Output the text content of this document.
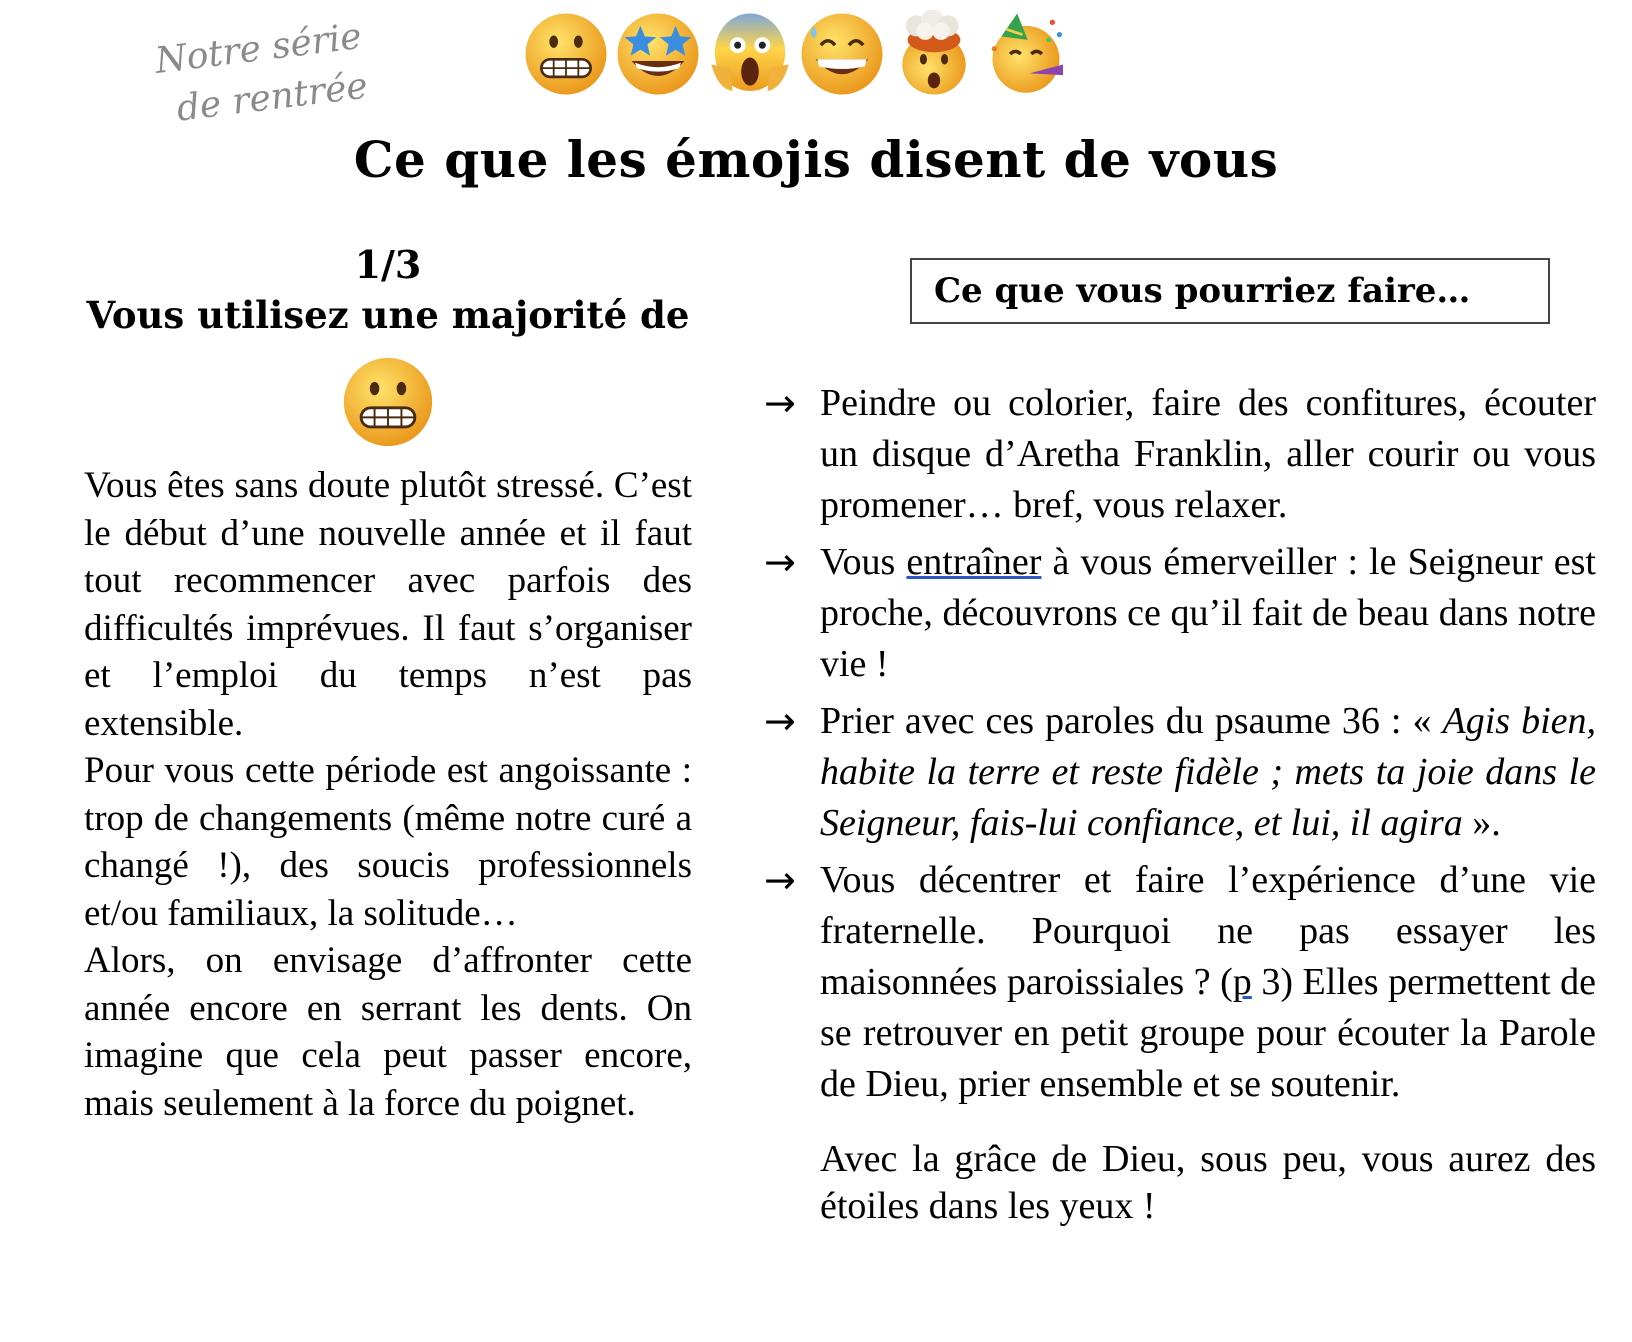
Notre série
de rentrée
Ce que les émojis disent de vous
1/3
Vous utilisez une majorité de

Vous êtes sans doute plutôt stressé. C’est le début d’une nouvelle année et il faut tout recommencer avec parfois des difficultés imprévues. Il faut s’organiser et l’emploi du temps n’est pas extensible.

Pour vous cette période est angoissante : trop de changements (même notre curé a changé !), des soucis professionnels et/ou familiaux, la solitude…

Alors, on envisage d’affronter cette année encore en serrant les dents. On imagine que cela peut passer encore, mais seulement à la force du poignet.

Ce que vous pourriez faire…
→ Peindre ou colorier, faire des confitures, écouter un disque d’Aretha Franklin, aller courir ou vous promener… bref, vous relaxer.

→ Vous entraîner à vous émerveiller : le Seigneur est proche, découvrons ce qu’il fait de beau dans notre vie !

→ Prier avec ces paroles du psaume 36 : « Agis bien, habite la terre et reste fidèle ; mets ta joie dans le Seigneur, fais-lui confiance, et lui, il agira ».

→ Vous décentrer et faire l’expérience d’une vie fraternelle. Pourquoi ne pas essayer les maisonnées paroissiales ? (p 3) Elles permettent de se retrouver en petit groupe pour écouter la Parole de Dieu, prier ensemble et se soutenir.

Avec la grâce de Dieu, sous peu, vous aurez des étoiles dans les yeux !
